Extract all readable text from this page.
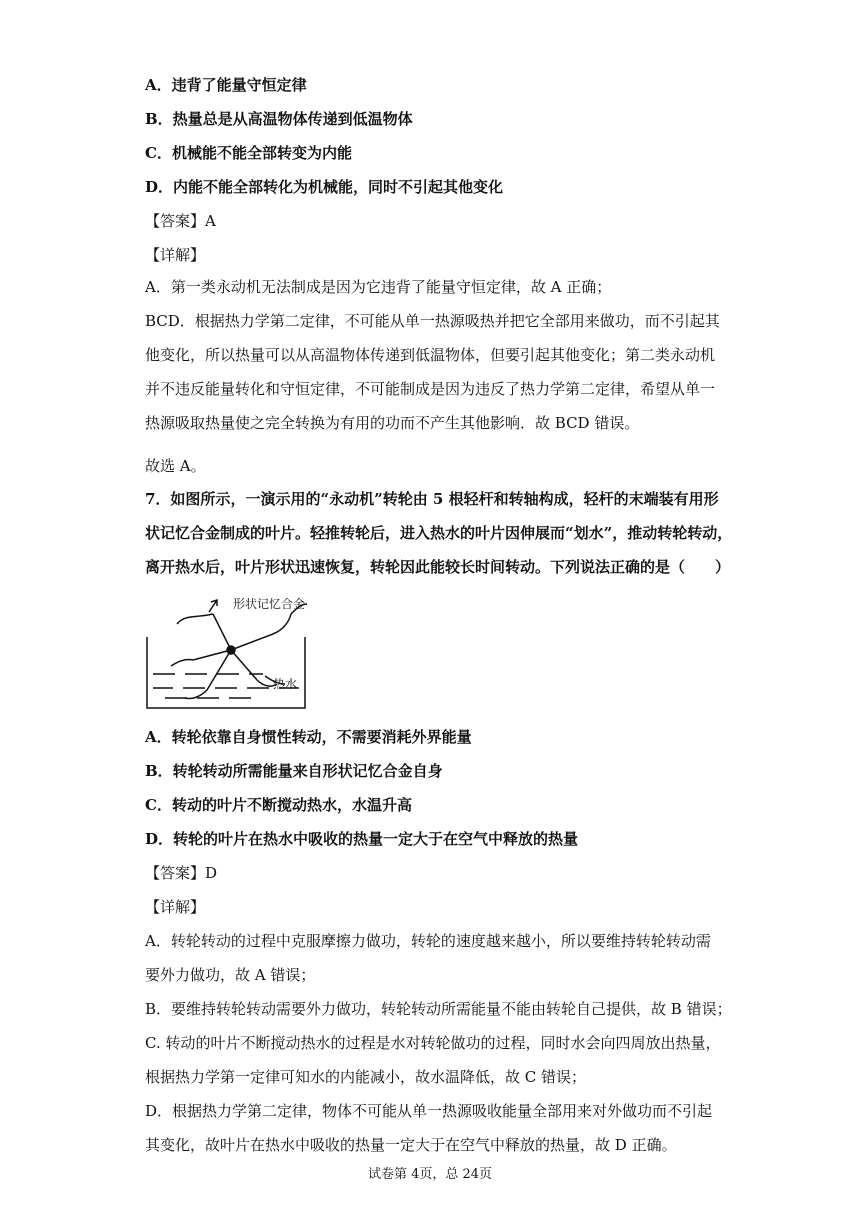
A．违背了能量守恒定律
B．热量总是从高温物体传递到低温物体
C．机械能不能全部转变为内能
D．内能不能全部转化为机械能，同时不引起其他变化
【答案】A
【详解】
A．第一类永动机无法制成是因为它违背了能量守恒定律，故 A 正确；
BCD．根据热力学第二定律，不可能从单一热源吸热并把它全部用来做功，而不引起其
他变化，所以热量可以从高温物体传递到低温物体，但要引起其他变化；第二类永动机
并不违反能量转化和守恒定律，不可能制成是因为违反了热力学第二定律，希望从单一
热源吸取热量使之完全转换为有用的功而不产生其他影响．故 BCD 错误。
故选 A。
7．如图所示，一演示用的“永动机”转轮由 5 根轻杆和转轴构成，轻杆的末端装有用形
状记忆合金制成的叶片。轻推转轮后，进入热水的叶片因伸展而“划水”，推动转轮转动，
离开热水后，叶片形状迅速恢复，转轮因此能较长时间转动。下列说法正确的是（　　）
形状记忆合金
热水
A．转轮依靠自身惯性转动，不需要消耗外界能量
B．转轮转动所需能量来自形状记忆合金自身
C．转动的叶片不断搅动热水，水温升高
D．转轮的叶片在热水中吸收的热量一定大于在空气中释放的热量
【答案】D
【详解】
A．转轮转动的过程中克服摩擦力做功，转轮的速度越来越小，所以要维持转轮转动需
要外力做功，故 A 错误；
B．要维持转轮转动需要外力做功，转轮转动所需能量不能由转轮自己提供，故 B 错误；
C. 转动的叶片不断搅动热水的过程是水对转轮做功的过程，同时水会向四周放出热量，
根据热力学第一定律可知水的内能减小，故水温降低，故 C 错误；
D．根据热力学第二定律，物体不可能从单一热源吸收能量全部用来对外做功而不引起
其变化，故叶片在热水中吸收的热量一定大于在空气中释放的热量，故 D 正确。
试卷第 4页，总 24页
